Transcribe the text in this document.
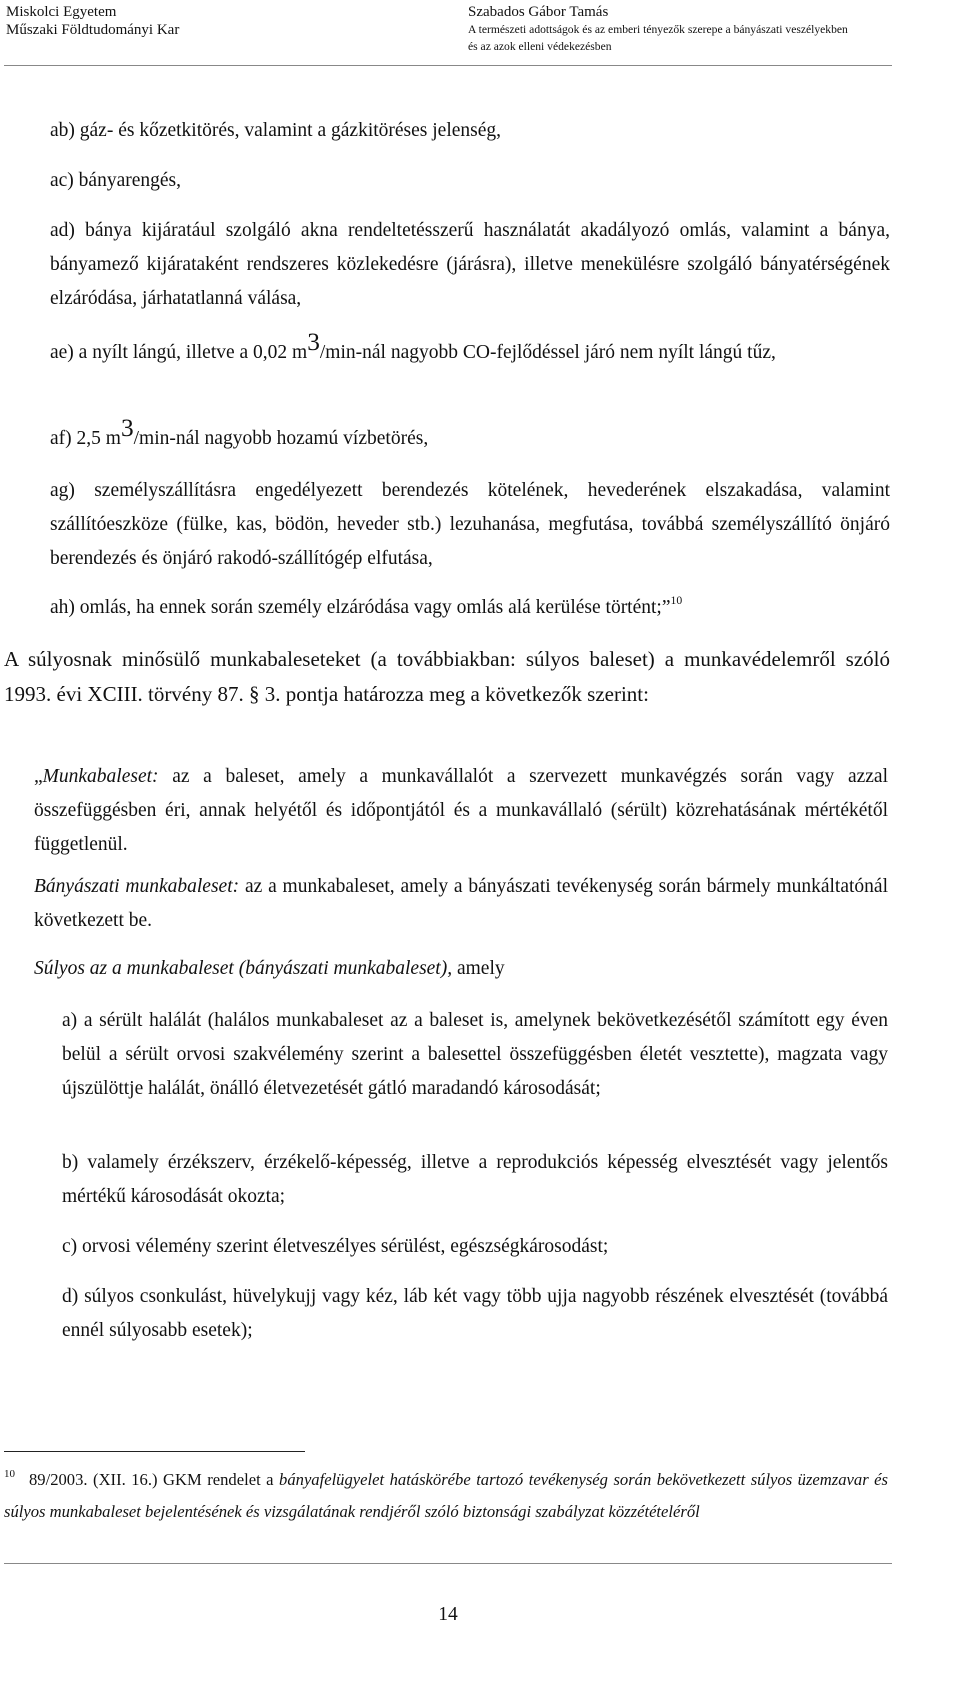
Miskolci Egyetem
Műszaki Földtudományi Kar
Szabados Gábor Tamás
A természeti adottságok és az emberi tényezők szerepe a bányászati veszélyekben
és az azok elleni védekezésben
ab) gáz- és kőzetkitörés, valamint a gázkitöréses jelenség,
ac) bányarengés,
ad) bánya kijáratául szolgáló akna rendeltetésszerű használatát akadályozó omlás, valamint a bánya, bányamező kijárataként rendszeres közlekedésre (járásra), illetve menekülésre szolgáló bányatérségének elzáródása, járhatatlanná válása,
ae) a nyílt lángú, illetve a 0,02 m3/min-nál nagyobb CO-fejlődéssel járó nem nyílt lángú tűz,
af) 2,5 m3/min-nál nagyobb hozamú vízbetörés,
ag) személyszállításra engedélyezett berendezés kötelének, hevederének elszakadása, valamint szállítóeszköze (fülke, kas, bödön, heveder stb.) lezuhanása, megfutása, továbbá személyszállító önjáró berendezés és önjáró rakodó-szállítógép elfutása,
ah) omlás, ha ennek során személy elzáródása vagy omlás alá kerülése történt;”$^{10}$
A súlyosnak minősülő munkabaleseteket (a továbbiakban: súlyos baleset) a munkavédelemről szóló 1993. évi XCIII. törvény 87. § 3. pontja határozza meg a következők szerint:
„Munkabaleset: az a baleset, amely a munkavállalót a szervezett munkavégzés során vagy azzal összefüggésben éri, annak helyétől és időpontjától és a munkavállaló (sérült) közrehatásának mértékétől függetlenül.
Bányászati munkabaleset: az a munkabaleset, amely a bányászati tevékenység során bármely munkáltatónál következett be.
Súlyos az a munkabaleset (bányászati munkabaleset), amely
a) a sérült halálát (halálos munkabaleset az a baleset is, amelynek bekövetkezésétől számított egy éven belül a sérült orvosi szakvélemény szerint a balesettel összefüggésben életét vesztette), magzata vagy újszülöttje halálát, önálló életvezetését gátló maradandó károsodását;
b) valamely érzékszerv, érzékelő-képesség, illetve a reprodukciós képesség elvesztését vagy jelentős mértékű károsodását okozta;
c) orvosi vélemény szerint életveszélyes sérülést, egészségkárosodást;
d) súlyos csonkulást, hüvelykujj vagy kéz, láb két vagy több ujja nagyobb részének elvesztését (továbbá ennél súlyosabb esetek);
$^{10}$ 89/2003. (XII. 16.) GKM rendelet a bányafelügyelet hatáskörébe tartozó tevékenység során bekövetkezett súlyos üzemzavar és súlyos munkabaleset bejelentésének és vizsgálatának rendjéről szóló biztonsági szabályzat közzétételéről
14
